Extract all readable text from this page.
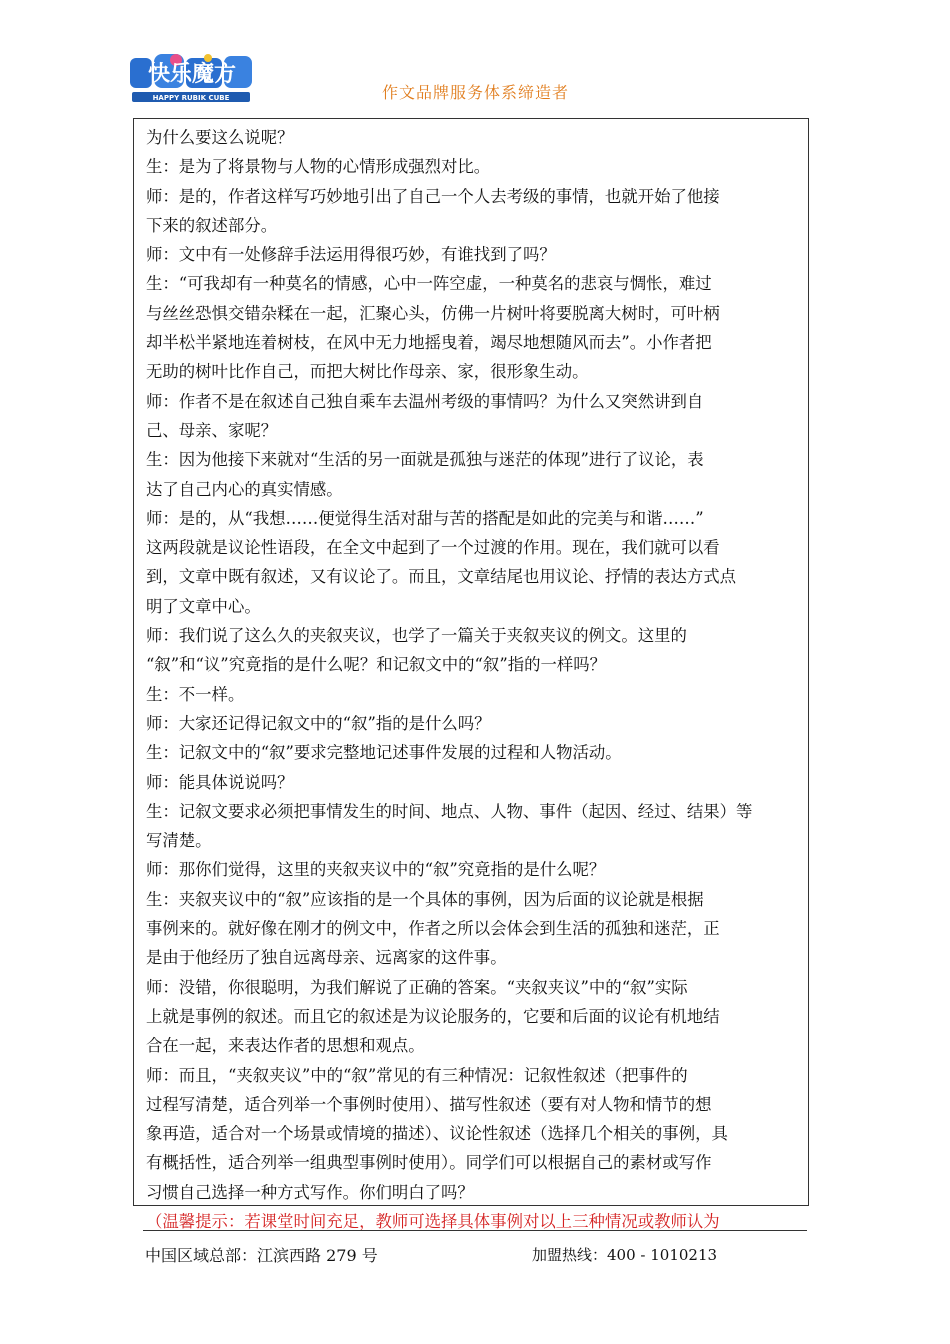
快乐魔方
HAPPY RUBIK CUBE	作文品牌服务体系缔造者
为什么要这么说呢？
生：是为了将景物与人物的心情形成强烈对比。
师：是的，作者这样写巧妙地引出了自己一个人去考级的事情，也就开始了他接
下来的叙述部分。
师：文中有一处修辞手法运用得很巧妙，有谁找到了吗？
生：“可我却有一种莫名的情感，心中一阵空虚，一种莫名的悲哀与惆怅，难过
与丝丝恐惧交错杂糅在一起，汇聚心头，仿佛一片树叶将要脱离大树时，可叶柄
却半松半紧地连着树枝，在风中无力地摇曳着，竭尽地想随风而去”。小作者把
无助的树叶比作自己，而把大树比作母亲、家，很形象生动。
师：作者不是在叙述自己独自乘车去温州考级的事情吗？为什么又突然讲到自
己、母亲、家呢？
生：因为他接下来就对“生活的另一面就是孤独与迷茫的体现”进行了议论，表
达了自己内心的真实情感。
师：是的，从“我想……便觉得生活对甜与苦的搭配是如此的完美与和谐……”
这两段就是议论性语段，在全文中起到了一个过渡的作用。现在，我们就可以看
到，文章中既有叙述，又有议论了。而且，文章结尾也用议论、抒情的表达方式点
明了文章中心。
师：我们说了这么久的夹叙夹议，也学了一篇关于夹叙夹议的例文。这里的
“叙”和“议”究竟指的是什么呢？和记叙文中的“叙”指的一样吗？
生：不一样。
师：大家还记得记叙文中的“叙”指的是什么吗？
生：记叙文中的“叙”要求完整地记述事件发展的过程和人物活动。
师：能具体说说吗？
生：记叙文要求必须把事情发生的时间、地点、人物、事件（起因、经过、结果）等
写清楚。
师：那你们觉得，这里的夹叙夹议中的“叙”究竟指的是什么呢？
生：夹叙夹议中的“叙”应该指的是一个具体的事例，因为后面的议论就是根据
事例来的。就好像在刚才的例文中，作者之所以会体会到生活的孤独和迷茫，正
是由于他经历了独自远离母亲、远离家的这件事。
师：没错，你很聪明，为我们解说了正确的答案。“夹叙夹议”中的“叙”实际
上就是事例的叙述。而且它的叙述是为议论服务的，它要和后面的议论有机地结
合在一起，来表达作者的思想和观点。
师：而且，“夹叙夹议”中的“叙”常见的有三种情况：记叙性叙述（把事件的
过程写清楚，适合列举一个事例时使用）、描写性叙述（要有对人物和情节的想
象再造，适合对一个场景或情境的描述）、议论性叙述（选择几个相关的事例，具
有概括性，适合列举一组典型事例时使用）。同学们可以根据自己的素材或写作
习惯自己选择一种方式写作。你们明白了吗？
（温馨提示：若课堂时间充足，教师可选择具体事例对以上三种情况或教师认为
中国区域总部：江滨西路 279 号	加盟热线：400 - 1010213
